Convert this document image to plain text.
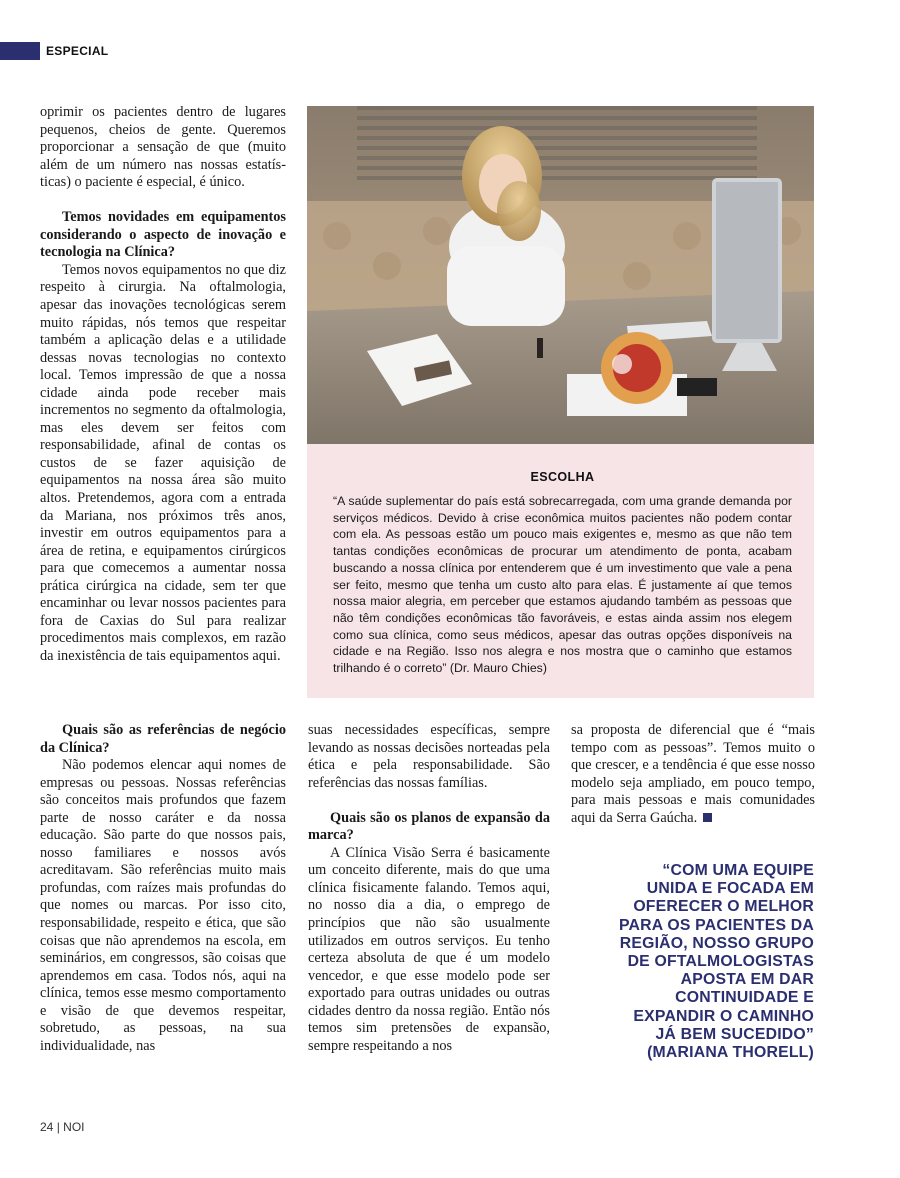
ESPECIAL

oprimir os pacientes dentro de lugares pequenos, cheios de gente. Queremos proporcionar a sensação de que (muito além de um número nas nossas estatísticas) o paciente é especial, é único.

Temos novidades em equipamentos considerando o aspecto de inovação e tecnologia na Clínica?

Temos novos equipamentos no que diz respeito à cirurgia. Na oftalmologia, apesar das inovações tecnológicas serem muito rápidas, nós temos que respeitar também a aplicação delas e a utilidade dessas novas tecnologias no contexto local. Temos impressão de que a nossa cidade ainda pode receber mais incrementos no segmento da oftalmologia, mas eles devem ser feitos com responsabilidade, afinal de contas os custos de se fazer aquisição de equipamentos na nossa área são muito altos. Pretendemos, agora com a entrada da Mariana, nos próximos três anos, investir em outros equipamentos para a área de retina, e equipamentos cirúrgicos para que comecemos a aumentar nossa prática cirúrgica na cidade, sem ter que encaminhar ou levar nossos pacientes para fora de Caxias do Sul para realizar procedimentos mais complexos, em razão da inexistência de tais equipamentos aqui.

ESCOLHA
“A saúde suplementar do país está sobrecarregada, com uma grande demanda por serviços médicos. Devido à crise econômica muitos pacientes não podem contar com ela. As pessoas estão um pouco mais exigentes e, mesmo as que não tem tantas condições econômicas de procurar um atendimento de ponta, acabam buscando a nossa clínica por entenderem que é um investimento que vale a pena ser feito, mesmo que tenha um custo alto para elas. É justamente aí que temos nossa maior alegria, em perceber que estamos ajudando também as pessoas que não têm condições econômicas tão favoráveis, e estas ainda assim nos elegem como sua clínica, como seus médicos, apesar das outras opções disponíveis na cidade e na Região. Isso nos alegra e nos mostra que o caminho que estamos trilhando é o correto” (Dr. Mauro Chies)
Quais são as referências de negócio da Clínica?

Não podemos elencar aqui nomes de empresas ou pessoas. Nossas referências são conceitos mais profundos que fazem parte de nosso caráter e da nossa educação. São parte do que nossos pais, nosso familiares e nossos avós acreditavam. São referências muito mais profundas, com raízes mais profundas do que nomes ou marcas. Por isso cito, responsabilidade, respeito e ética, que são coisas que não aprendemos na escola, em seminários, em congressos, são coisas que aprendemos em casa. Todos nós, aqui na clínica, temos esse mesmo comportamento e visão de que devemos respeitar, sobretudo, as pessoas, na sua individualidade, nas

suas necessidades específicas, sempre levando as nossas decisões norteadas pela ética e pela responsabilidade. São referências das nossas famílias.

Quais são os planos de expansão da marca?

A Clínica Visão Serra é basicamente um conceito diferente, mais do que uma clínica fisicamente falando. Temos aqui, no nosso dia a dia, o emprego de princípios que não são usualmente utilizados em outros serviços. Eu tenho certeza absoluta de que é um modelo vencedor, e que esse modelo pode ser exportado para outras unidades ou outras cidades dentro da nossa região. Então nós temos sim pretensões de expansão, sempre respeitando a nos

sa proposta de diferencial que é “mais tempo com as pessoas”. Temos muito o que crescer, e a tendência é que esse nosso modelo seja ampliado, em pouco tempo, para mais pessoas e mais comunidades aqui da Serra Gaúcha.

“COM UMA EQUIPE
UNIDA E FOCADA EM
OFERECER O MELHOR
PARA OS PACIENTES DA
REGIÃO, NOSSO GRUPO
DE OFTALMOLOGISTAS
APOSTA EM DAR
CONTINUIDADE E
EXPANDIR O CAMINHO
JÁ BEM SUCEDIDO”
(MARIANA THORELL)
24 | NOI
